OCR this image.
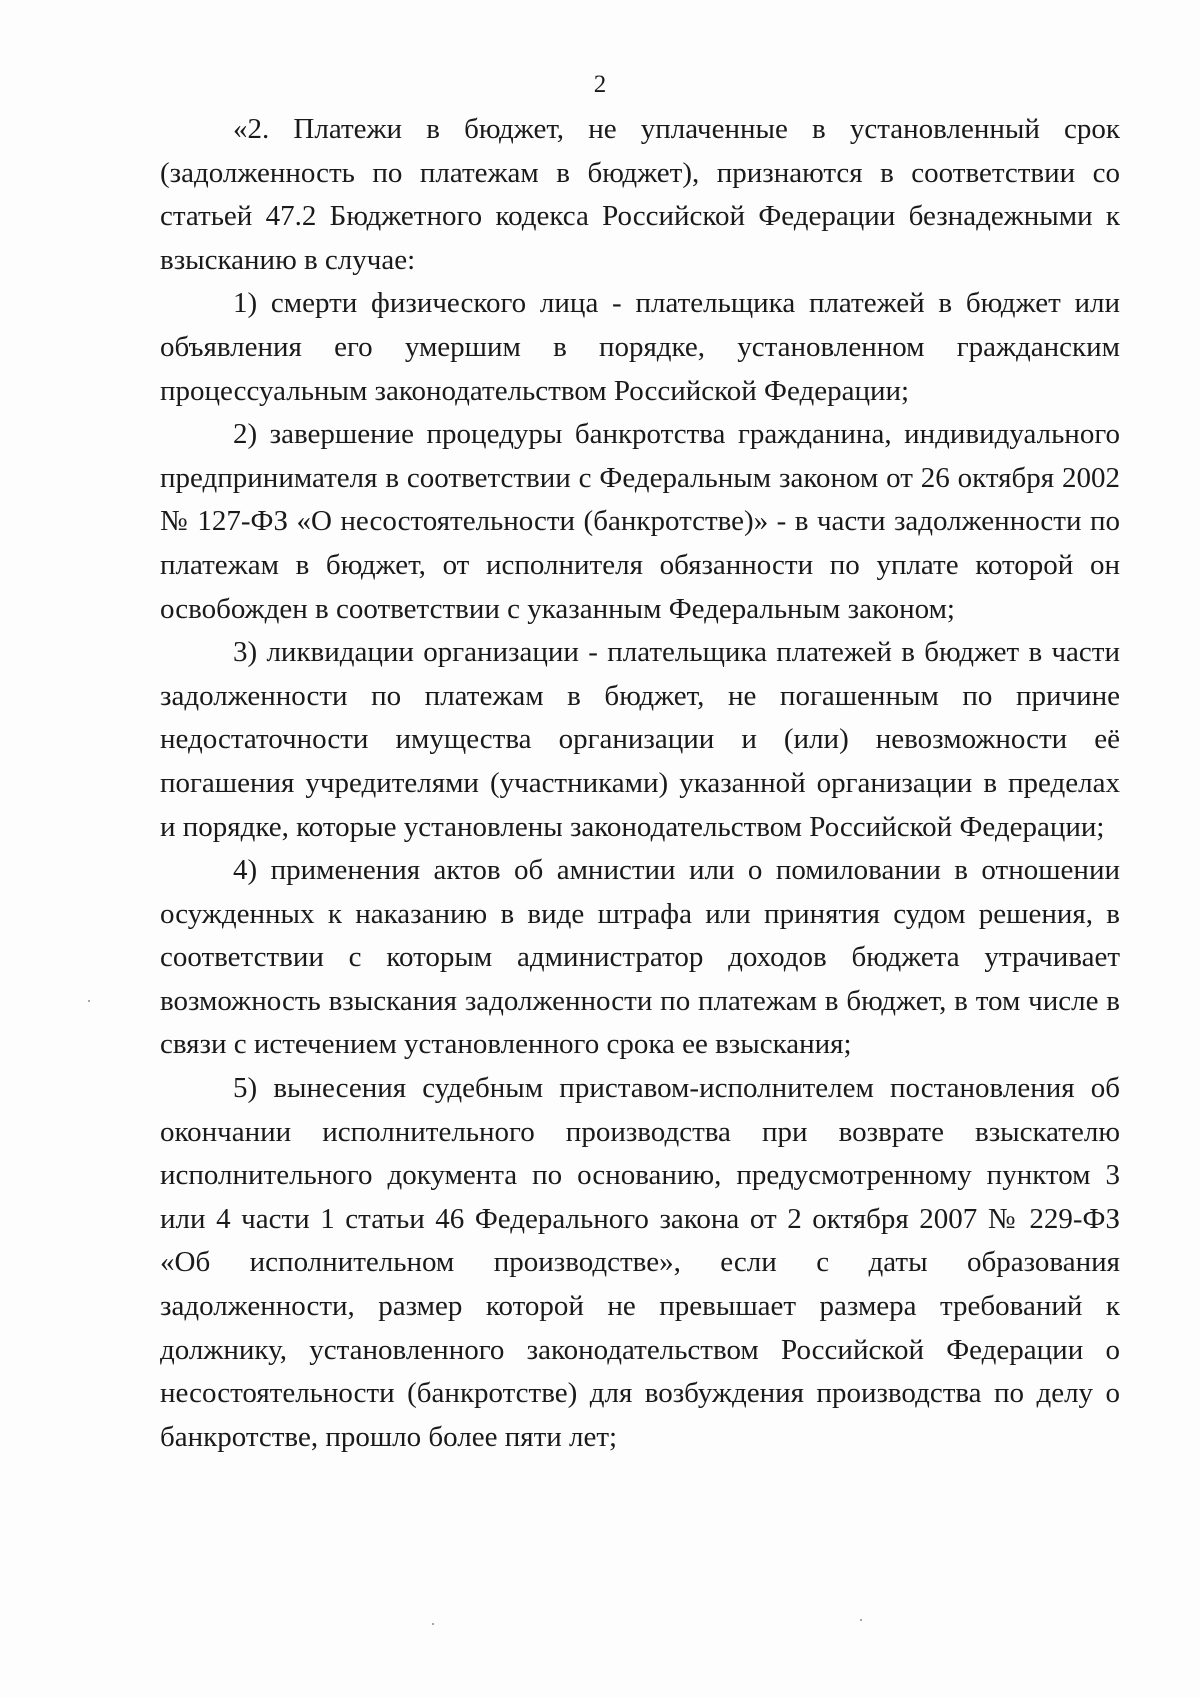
2

«2. Платежи в бюджет, не уплаченные в установленный срок (задолженность по платежам в бюджет), признаются в соответствии со статьей 47.2 Бюджетного кодекса Российской Федерации безнадежными к взысканию в случае:

1) смерти физического лица - плательщика платежей в бюджет или объявления его умершим в порядке, установленном гражданским процессуальным законодательством Российской Федерации;

2) завершение процедуры банкротства гражданина, индивидуального предпринимателя в соответствии с Федеральным законом от 26 октября 2002 № 127-ФЗ «О несостоятельности (банкротстве)» - в части задолженности по платежам в бюджет, от исполнителя обязанности по уплате которой он освобожден в соответствии с указанным Федеральным законом;

3) ликвидации организации - плательщика платежей в бюджет в части задолженности по платежам в бюджет, не погашенным по причине недостаточности имущества организации и (или) невозможности её погашения учредителями (участниками) указанной организации в пределах и порядке, которые установлены законодательством Российской Федерации;

4) применения актов об амнистии или о помиловании в отношении осужденных к наказанию в виде штрафа или принятия судом решения, в соответствии с которым администратор доходов бюджета утрачивает возможность взыскания задолженности по платежам в бюджет, в том числе в связи с истечением установленного срока ее взыскания;

5) вынесения судебным приставом-исполнителем постановления об окончании исполнительного производства при возврате взыскателю исполнительного документа по основанию, предусмотренному пунктом 3 или 4 части 1 статьи 46 Федерального закона от 2 октября 2007 № 229-ФЗ «Об исполнительном производстве», если с даты образования задолженности, размер которой не превышает размера требований к должнику, установленного законодательством Российской Федерации о несостоятельности (банкротстве) для возбуждения производства по делу о банкротстве, прошло более пяти лет;
